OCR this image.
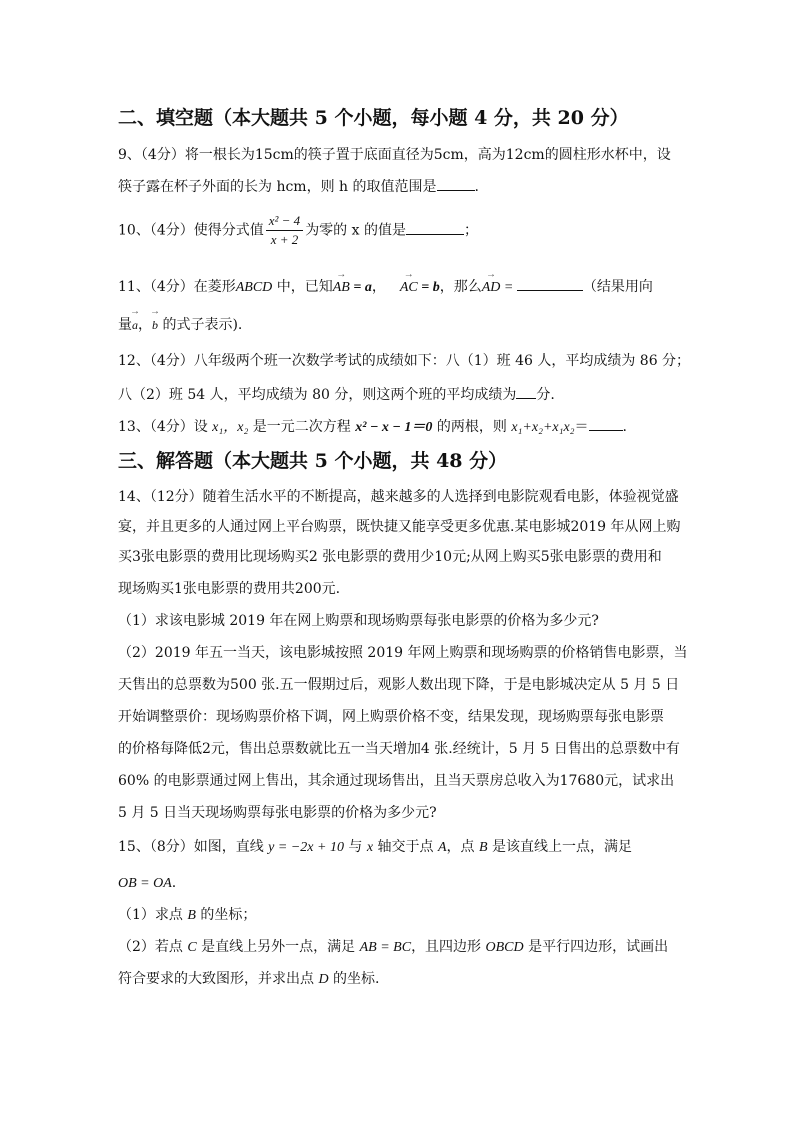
二、填空题（本大题共 5 个小题，每小题 4 分，共 20 分）
9、（4分）将一根长为15cm的筷子置于底面直径为5cm，高为12cm的圆柱形水杯中，设
筷子露在杯子外面的长为 hcm，则 h 的取值范围是	.
10、（4分）使得分式值 $\frac{\text{x² − 4}}{x + 2}$ 为零的 x 的值是	；
11、（4分）在菱形ABCD 中，已知→ AB = a，→ AC = b，那么→ AD =	（结果用向
量→ a，→ b 的式子表示).
12、（4分）八年级两个班一次数学考试的成绩如下：八（1）班 46 人，平均成绩为 86 分；
八（2）班 54 人，平均成绩为 80 分，则这两个班的平均成绩为 分.
13、（4分）设 x₁，x₂ 是一元二次方程 x² − x − 1＝0 的两根，则 x₁+x₂+x₁x₂＝ .
三、解答题（本大题共 5 个小题，共 48 分）
14、（12分）随着生活水平的不断提高，越来越多的人选择到电影院观看电影，体验视觉盛
宴，并且更多的人通过网上平台购票，既快捷又能享受更多优惠.某电影城2019 年从网上购
买3张电影票的费用比现场购买2 张电影票的费用少10元;从网上购买5张电影票的费用和
现场购买1张电影票的费用共200元.
（1）求该电影城 2019 年在网上购票和现场购票每张电影票的价格为多少元?
（2）2019 年五一当天，该电影城按照 2019 年网上购票和现场购票的价格销售电影票，当
天售出的总票数为500 张.五一假期过后，观影人数出现下降，于是电影城决定从 5 月 5 日
开始调整票价：现场购票价格下调，网上购票价格不变，结果发现，现场购票每张电影票
的价格每降低2元，售出总票数就比五一当天增加4 张.经统计，5 月 5 日售出的总票数中有
60% 的电影票通过网上售出，其余通过现场售出，且当天票房总收入为17680元，试求出
5 月 5 日当天现场购票每张电影票的价格为多少元?
15、（8分）如图，直线 y = −2x + 10 与 x 轴交于点 A，点 B 是该直线上一点，满足
OB = OA.
（1）求点 B 的坐标；
（2）若点 C 是直线上另外一点，满足 AB = BC，且四边形 OBCD 是平行四边形，试画出
符合要求的大致图形，并求出点 D 的坐标.
